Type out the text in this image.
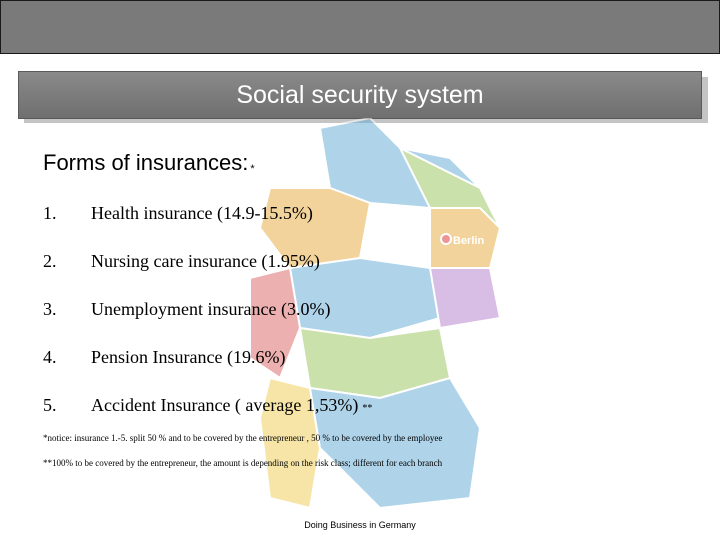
Social security system
Berlin
Forms of insurances: *
1. Health insurance (14.9-15.5%)
2. Nursing care insurance (1.95%)
3. Unemployment insurance (3.0%)
4. Pension Insurance (19.6%)
5. Accident Insurance ( average 1,53%) **
*notice: insurance 1.-5. split 50 % and to be covered by the entrepreneur , 50 % to be covered by the employee
**100% to be covered by the entrepreneur, the amount is depending on the risk class; different for each branch
Doing Business in Germany
